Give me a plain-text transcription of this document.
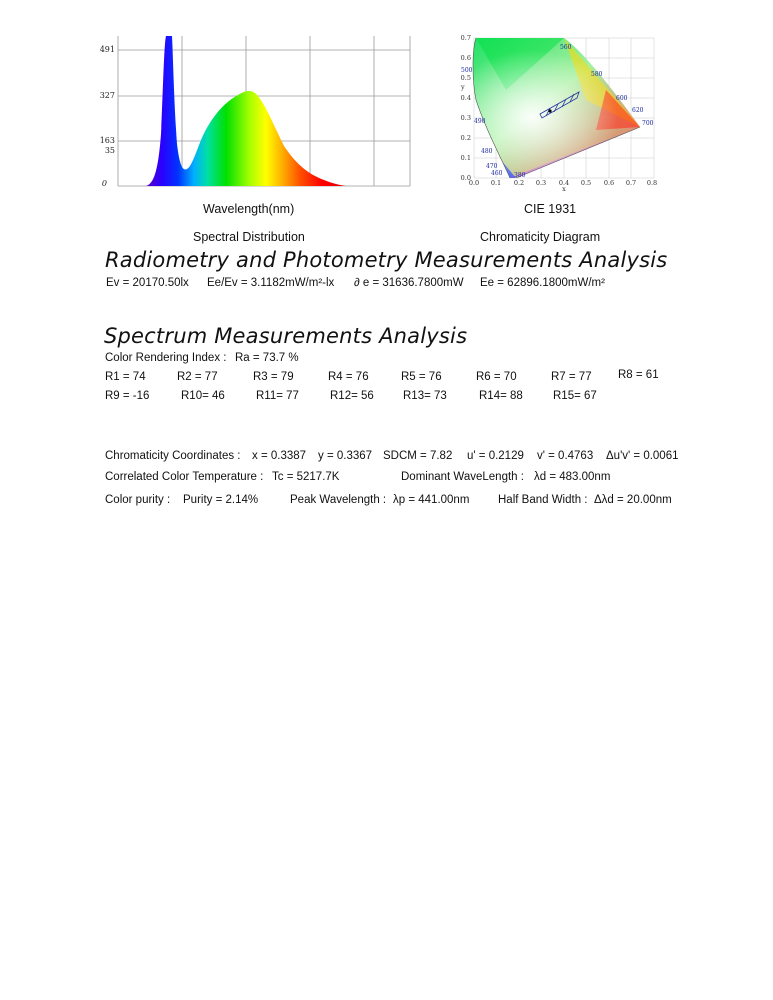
491
327
163
35
0
Wavelength(nm)
Spectral Distribution
0.7
0.6
0.5
0.4
0.3
0.2
0.1
0.0
0.0 0.1 0.2 0.3 0.4 0.5 0.6 0.7 0.8
x
y
560
580
600
620
700
500
490
480
470
460 380
CIE 1931
Chromaticity Diagram
Radiometry and Photometry Measurements Analysis
Ev = 20170.50lx Ee/Ev = 3.1182mW/m²-lx ∂ e = 31636.7800mW Ee = 62896.1800mW/m²
Spectrum Measurements Analysis
Color Rendering Index : Ra = 73.7 %
R1 = 74	R2 = 77	R3 = 79	R4 = 76	R5 = 76	R6 = 70	R7 = 77 R8 = 61
R9 = -16	R10= 46	R11= 77	R12= 56	R13= 73	R14= 88	R15= 67
Chromaticity Coordinates : x = 0.3387 y = 0.3367 SDCM = 7.82 u' = 0.2129 v' = 0.4763 Δu'v' = 0.0061
Correlated Color Temperature : Tc = 5217.7K	Dominant WaveLength : λd = 483.00nm
Color purity : Purity = 2.14%	Peak Wavelength : λp = 441.00nm Half Band Width : Δλd = 20.00nm
